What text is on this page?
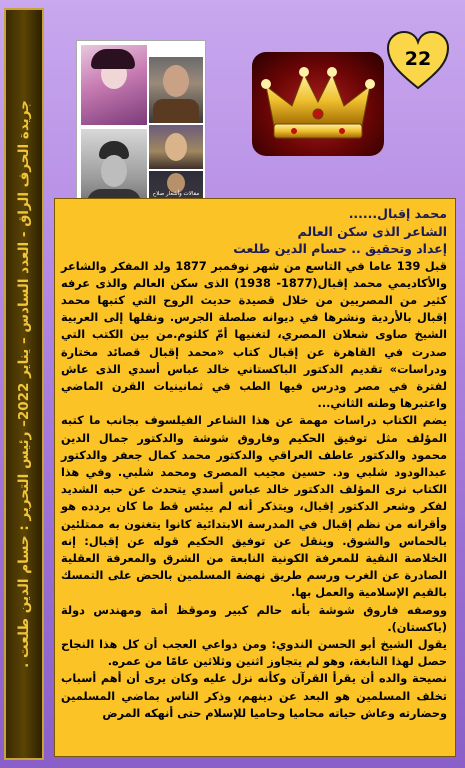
جريدة الحرف الراق - العدد السادس – يناير 2022– رئيس التحرير : حسام الدين طلعت .	مقالات وأشعار صلاح
22

محمد إقبال......

الشاعر الذى سكن العالم

إعداد وتحقيق .. حسام الدين طلعت

قبل 139 عاما في التاسع من شهر نوفمبر 1877 ولد المفكر والشاعر والأكاديمي محمد إقبال(1877- 1938) الذى سكن العالم والذى عرفه كثير من المصريين من خلال قصيدة حديث الروح التي كتبها محمد إقبال بالأردية ونشرها في ديوانه صلصلة الجرس. ونقلها إلى العربية الشيخ صاوى شعلان المصري، لتغنيها أمّ كلثوم.من بين الكتب التي صدرت في القاهرة عن إقبال كتاب «محمد إقبال قصائد مختارة ودراسات» تقديم الدكتور الباكستاني خالد عباس أسدي الذى عاش لفترة في مصر ودرس فيها الطب في ثمانينيات القرن الماضي واعتبرها وطنه الثاني...

يضم الكتاب دراسات مهمة عن هذا الشاعر الفيلسوف بجانب ما كتبه المؤلف مثل توفيق الحكيم وفاروق شوشة والدكتور جمال الدين محمود والدكتور عاطف العراقي والدكتور محمد كمال جعفر والدكتور عبدالودود شلبي ود. حسين مجيب المصرى ومحمد شلبي. وفي هذا الكتاب نرى المؤلف الدكتور خالد عباس أسدي يتحدث عن حبه الشديد لفكر وشعر الدكتور إقبال، ويتذكر أنه لم ييئس قط ما كان يردده هو وأقرانه من نظم إقبال في المدرسة الابتدائية كانوا يتغنون به ممتلئين بالحماس والشوق. وينقل عن توفيق الحكيم قوله عن إقبال: إنه الخلاصة النقية للمعرفة الكونية النابعة من الشرق والمعرفة العقلية الصادرة عن الغرب ورسم طريق نهضة المسلمين بالحض على التمسك بالقيم الإسلامية والعمل بها.

ووصفه فاروق شوشة بأنه حالم كبير وموقظ أمة ومهندس دولة (باكستان).

يقول الشيخ أبو الحسن الندوي: ومن دواعي العجب أن كل هذا النجاح حصل لهذا النابغة، وهو لم يتجاوز اثنين وثلاثين عامًا من عمره.

نصيحة والده أن يقرأ القرآن وكأنه نزل عليه وكان يرى أن أهم أسباب تخلف المسلمين هو البعد عن دينهم، وذكر الناس بماضي المسلمين وحضارته وعاش حياته محاميا وحاميا للإسلام حتى أنهكه المرض
